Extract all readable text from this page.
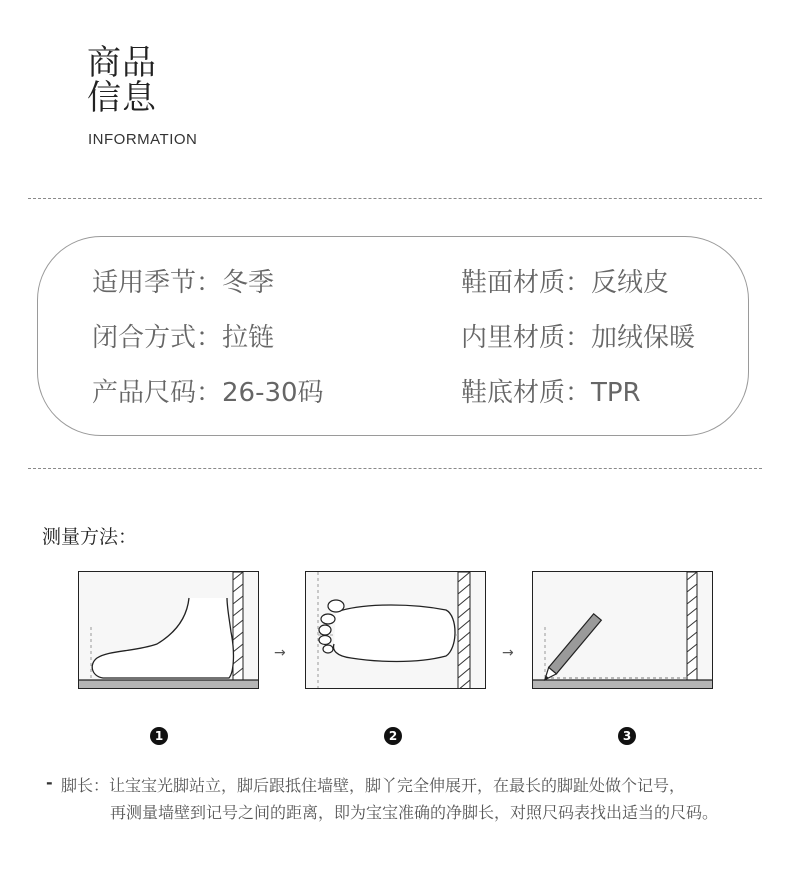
商品
信息
INFORMATION
适用季节：冬季	鞋面材质：反绒皮
闭合方式：拉链	内里材质：加绒保暖
产品尺码：26-30码	鞋底材质：TPR
测量方法：
→	→
1	2	3
- 脚长：让宝宝光脚站立，脚后跟抵住墙壁，脚丫完全伸展开，在最长的脚趾处做个记号，
再测量墙壁到记号之间的距离，即为宝宝准确的净脚长，对照尺码表找出适当的尺码。
